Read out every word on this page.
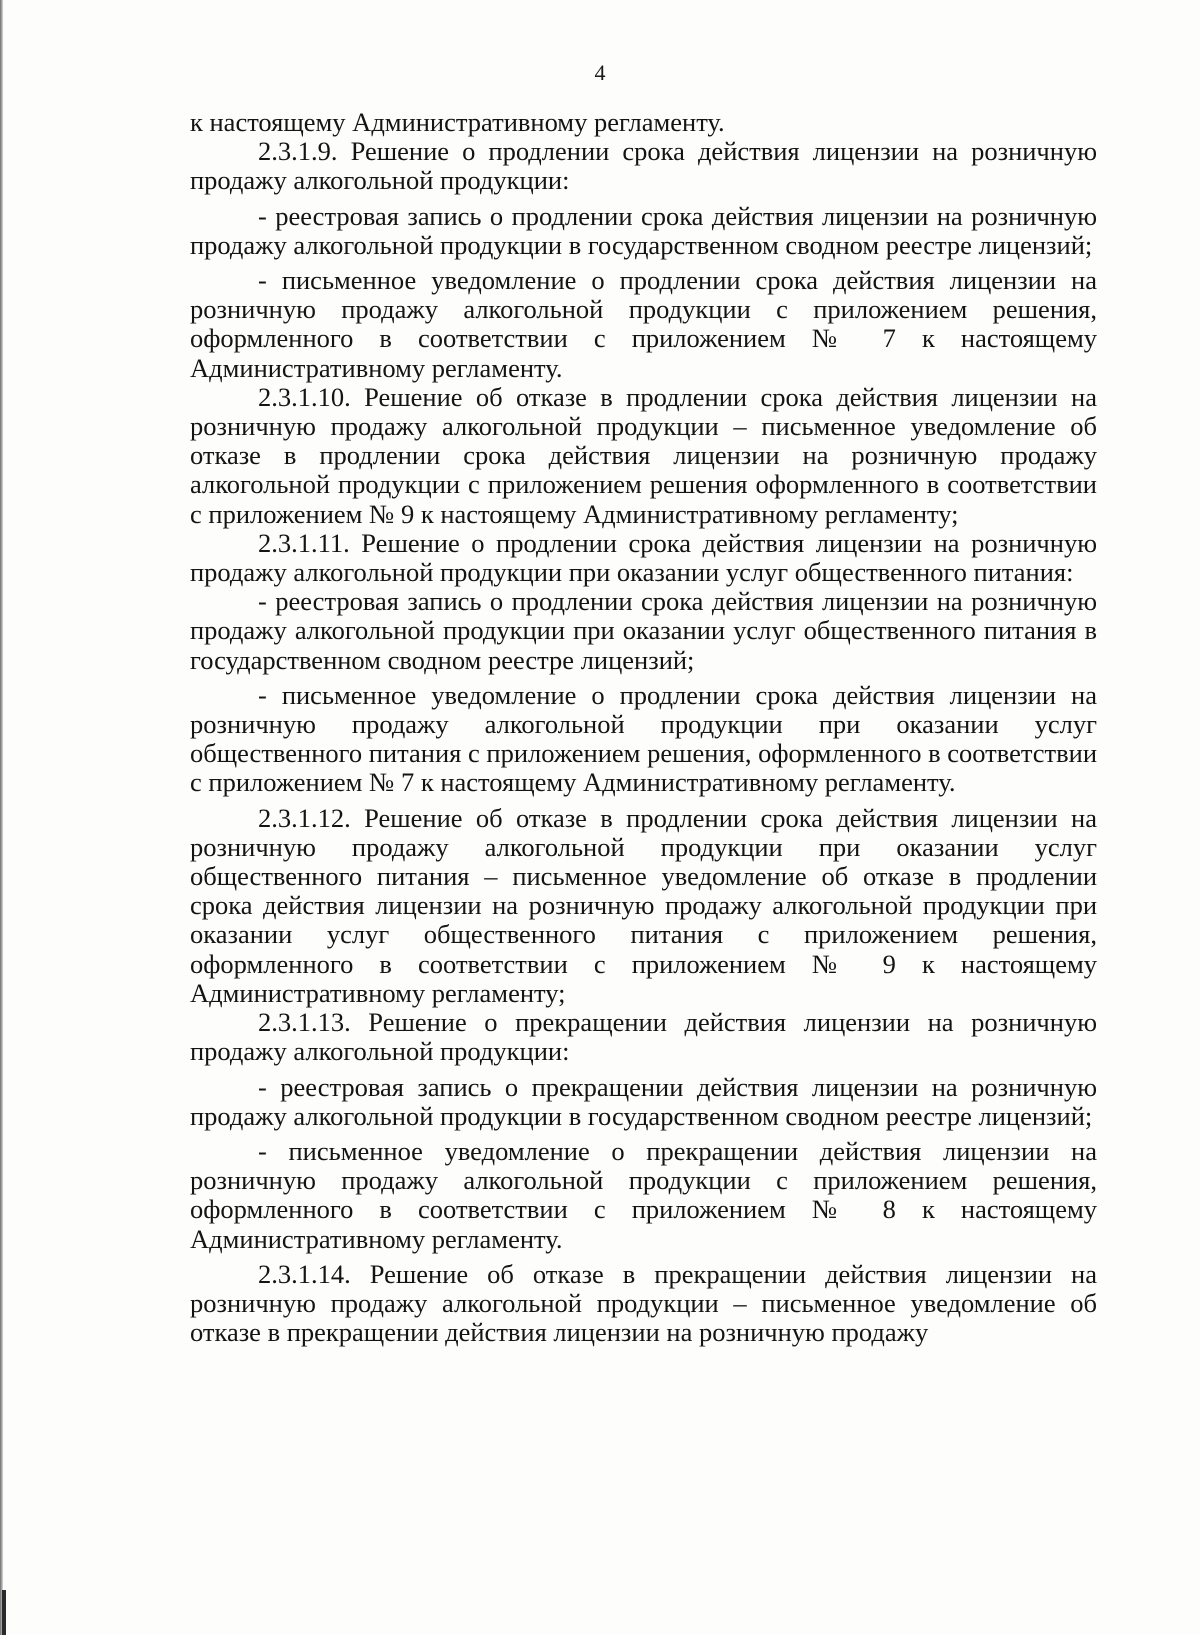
4

к настоящему Административному регламенту.

2.3.1.9. Решение о продлении срока действия лицензии на розничную продажу алкогольной продукции:

- реестровая запись о продлении срока действия лицензии на розничную продажу алкогольной продукции в государственном сводном реестре лицензий;

- письменное уведомление о продлении срока действия лицензии на розничную продажу алкогольной продукции с приложением решения, оформленного в соответствии с приложением № 7 к настоящему Административному регламенту.

2.3.1.10. Решение об отказе в продлении срока действия лицензии на розничную продажу алкогольной продукции – письменное уведомление об отказе в продлении срока действия лицензии на розничную продажу алкогольной продукции с приложением решения оформленного в соответствии с приложением № 9 к настоящему Административному регламенту;

2.3.1.11. Решение о продлении срока действия лицензии на розничную продажу алкогольной продукции при оказании услуг общественного питания:

- реестровая запись о продлении срока действия лицензии на розничную продажу алкогольной продукции при оказании услуг общественного питания в государственном сводном реестре лицензий;

- письменное уведомление о продлении срока действия лицензии на розничную продажу алкогольной продукции при оказании услуг общественного питания с приложением решения, оформленного в соответствии с приложением № 7 к настоящему Административному регламенту.

2.3.1.12. Решение об отказе в продлении срока действия лицензии на розничную продажу алкогольной продукции при оказании услуг общественного питания – письменное уведомление об отказе в продлении срока действия лицензии на розничную продажу алкогольной продукции при оказании услуг общественного питания с приложением решения, оформленного в соответствии с приложением № 9 к настоящему Административному регламенту;

2.3.1.13. Решение о прекращении действия лицензии на розничную продажу алкогольной продукции:

- реестровая запись о прекращении действия лицензии на розничную продажу алкогольной продукции в государственном сводном реестре лицензий;

- письменное уведомление о прекращении действия лицензии на розничную продажу алкогольной продукции с приложением решения, оформленного в соответствии с приложением № 8 к настоящему Административному регламенту.

2.3.1.14. Решение об отказе в прекращении действия лицензии на розничную продажу алкогольной продукции – письменное уведомление об отказе в прекращении действия лицензии на розничную продажу
